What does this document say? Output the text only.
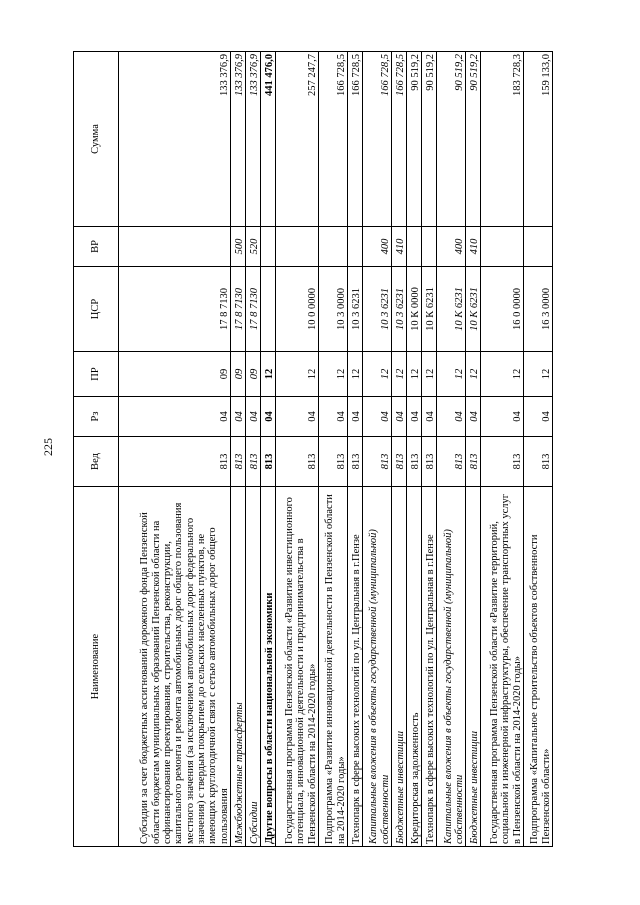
225
Наименование	Вед	Рз	ПР	ЦСР	ВР	Сумма
Субсидии за счет бюджетных ассигнований дорожного фонда Пензенской области бюджетам муниципальных образований Пензенской области на софинансирование проектирования, строительства, реконструкции, капитального ремонта и ремонта автомобильных дорог общего пользования местного значения (за исключением автомобильных дорог федерального значения) с твердым покрытием до сельских населенных пунктов, не имеющих круглогодичной связи с сетью автомобильных дорог общего пользования	813	04	09	17 8 7130		133 376,9
Межбюджетные трансферты	813	04	09	17 8 7130	500	133 376,9
Субсидии	813	04	09	17 8 7130	520	133 376,9
Другие вопросы в области национальной экономики	813	04	12			441 476,0
Государственная программа Пензенской области «Развитие инвестиционного потенциала, инновационной деятельности и предпринимательства в Пензенской области на 2014-2020 годы»	813	04	12	10 0 0000		257 247,7
Подпрограмма «Развитие инновационной деятельности в Пензенской области на 2014-2020 годы»	813	04	12	10 3 0000		166 728,5
Технопарк в сфере высоких технологий по ул. Центральная в г.Пензе	813	04	12	10 3 6231		166 728,5
Капитальные вложения в объекты государственной (муниципальной) собственности	813	04	12	10 3 6231	400	166 728,5
Бюджетные инвестиции	813	04	12	10 3 6231	410	166 728,5
Кредиторская задолженность	813	04	12	10 К 0000		90 519,2
Технопарк в сфере высоких технологий по ул. Центральная в г.Пензе	813	04	12	10 К 6231		90 519,2
Капитальные вложения в объекты государственной (муниципальной) собственности	813	04	12	10 К 6231	400	90 519,2
Бюджетные инвестиции	813	04	12	10 К 6231	410	90 519,2
Государственная программа Пензенской области «Развитие территорий, социальной и инженерной инфраструктуры, обеспечение транспортных услуг в Пензенской области на 2014-2020 годы»	813	04	12	16 0 0000		183 728,3
Подпрограмма «Капитальное строительство объектов собственности Пензенской области»	813	04	12	16 3 0000		159 133,0
